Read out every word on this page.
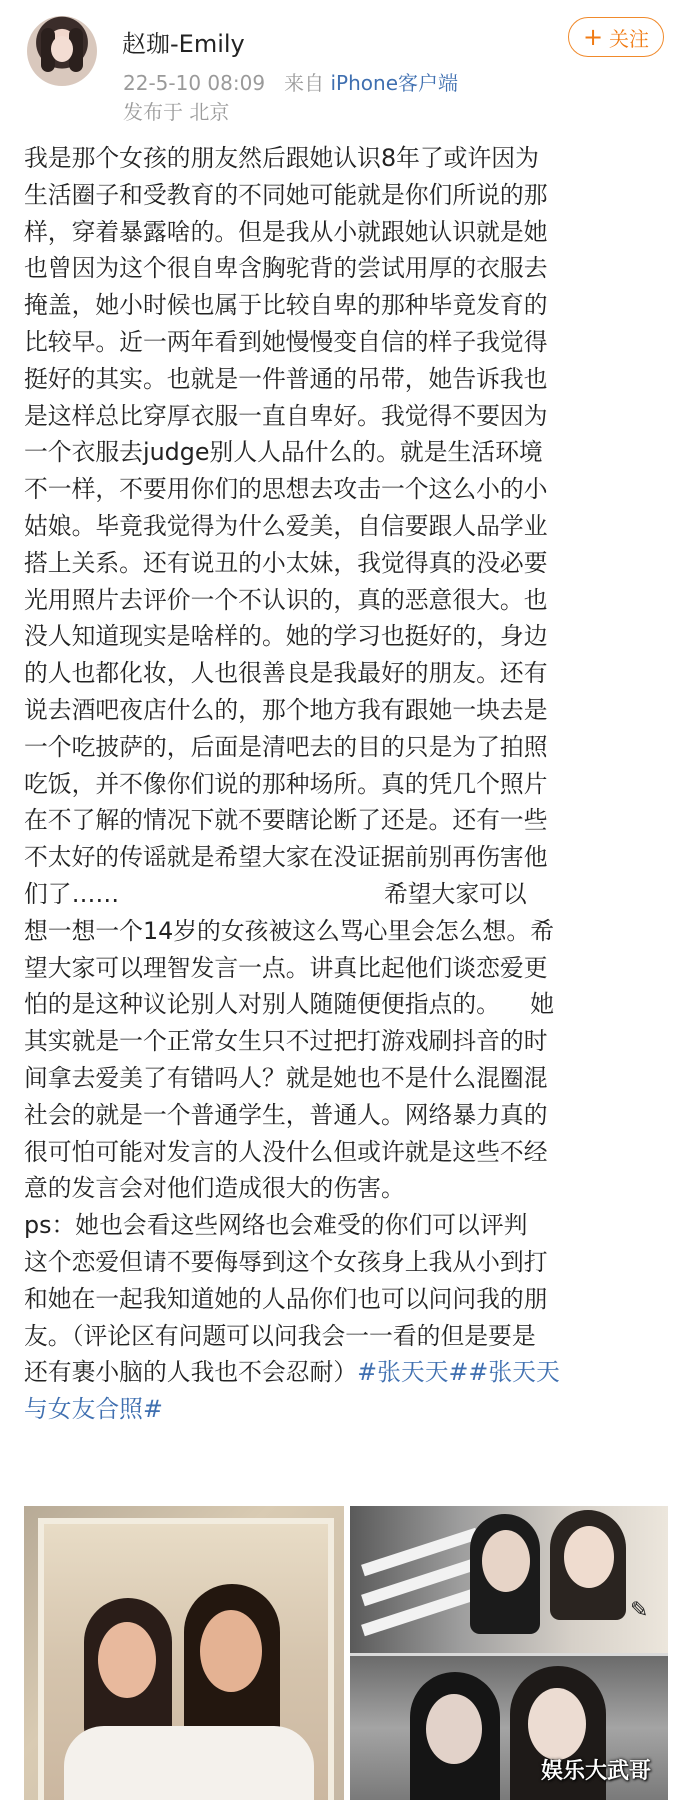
赵珈-Emily
22-5-10 08:09 来自 iPhone客户端
发布于 北京
+ 关注
我是那个女孩的朋友然后跟她认识8年了或许因为
生活圈子和受教育的不同她可能就是你们所说的那
样，穿着暴露啥的。但是我从小就跟她认识就是她
也曾因为这个很自卑含胸驼背的尝试用厚的衣服去
掩盖，她小时候也属于比较自卑的那种毕竟发育的
比较早。近一两年看到她慢慢变自信的样子我觉得
挺好的其实。也就是一件普通的吊带，她告诉我也
是这样总比穿厚衣服一直自卑好。我觉得不要因为
一个衣服去judge别人人品什么的。就是生活环境
不一样，不要用你们的思想去攻击一个这么小的小
姑娘。毕竟我觉得为什么爱美，自信要跟人品学业
搭上关系。还有说丑的小太妹，我觉得真的没必要
光用照片去评价一个不认识的，真的恶意很大。也
没人知道现实是啥样的。她的学习也挺好的，身边
的人也都化妆，人也很善良是我最好的朋友。还有
说去酒吧夜店什么的，那个地方我有跟她一块去是
一个吃披萨的，后面是清吧去的目的只是为了拍照
吃饭，并不像你们说的那种场所。真的凭几个照片
在不了解的情况下就不要瞎论断了还是。还有一些
不太好的传谣就是希望大家在没证据前别再伤害他
们了……                                   希望大家可以
想一想一个14岁的女孩被这么骂心里会怎么想。希
望大家可以理智发言一点。讲真比起他们谈恋爱更
怕的是这种议论别人对别人随随便便指点的。    她
其实就是一个正常女生只不过把打游戏刷抖音的时
间拿去爱美了有错吗人？就是她也不是什么混圈混
社会的就是一个普通学生，普通人。网络暴力真的
很可怕可能对发言的人没什么但或许就是这些不经
意的发言会对他们造成很大的伤害。
ps：她也会看这些网络也会难受的你们可以评判
这个恋爱但请不要侮辱到这个女孩身上我从小到打
和她在一起我知道她的人品你们也可以问问我的朋
友。（评论区有问题可以问我会一一看的但是要是
还有裹小脑的人我也不会忍耐）#张天天##张天天
与女友合照#
✎
娱乐大武哥
